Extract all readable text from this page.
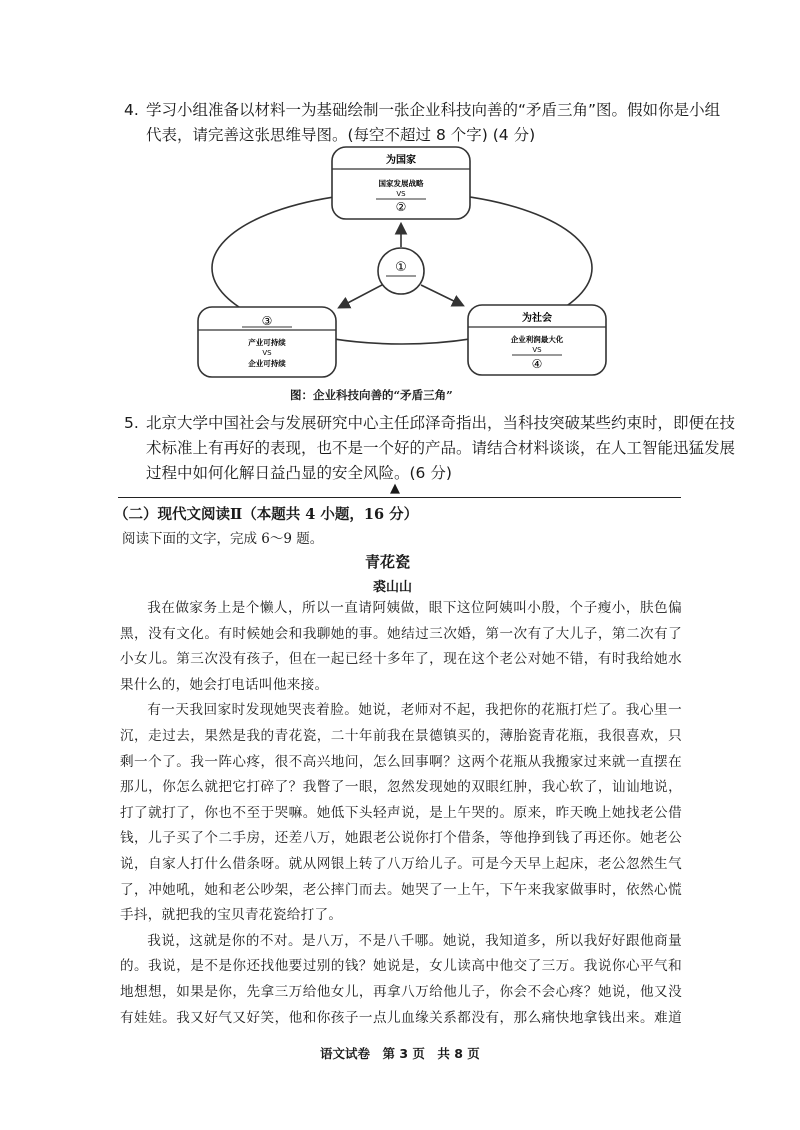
4. 学习小组准备以材料一为基础绘制一张企业科技向善的“矛盾三角”图。假如你是小组
代表，请完善这张思维导图。(每空不超过 8 个字) (4 分)
为国家
国家发展战略
VS
②
①
③
产业可持续
VS
企业可持续
为社会
企业利润最大化
VS
④
图：企业科技向善的“矛盾三角”
5. 北京大学中国社会与发展研究中心主任邱泽奇指出，当科技突破某些约束时，即便在技
术标准上有再好的表现，也不是一个好的产品。请结合材料谈谈，在人工智能迅猛发展
过程中如何化解日益凸显的安全风险。(6 分)
▲
（二）现代文阅读Ⅱ（本题共 4 小题，16 分）
阅读下面的文字，完成 6～9 题。
青花瓷
裘山山

我在做家务上是个懒人，所以一直请阿姨做，眼下这位阿姨叫小殷，个子瘦小，肤色偏黑，没有文化。有时候她会和我聊她的事。她结过三次婚，第一次有了大儿子，第二次有了小女儿。第三次没有孩子，但在一起已经十多年了，现在这个老公对她不错，有时我给她水果什么的，她会打电话叫他来接。

有一天我回家时发现她哭丧着脸。她说，老师对不起，我把你的花瓶打烂了。我心里一沉，走过去，果然是我的青花瓷，二十年前我在景德镇买的，薄胎瓷青花瓶，我很喜欢，只剩一个了。我一阵心疼，很不高兴地问，怎么回事啊？这两个花瓶从我搬家过来就一直摆在那儿，你怎么就把它打碎了？我瞥了一眼，忽然发现她的双眼红肿，我心软了，讪讪地说，打了就打了，你也不至于哭嘛。她低下头轻声说，是上午哭的。原来，昨天晚上她找老公借钱，儿子买了个二手房，还差八万，她跟老公说你打个借条，等他挣到钱了再还你。她老公说，自家人打什么借条呀。就从网银上转了八万给儿子。可是今天早上起床，老公忽然生气了，冲她吼，她和老公吵架，老公摔门而去。她哭了一上午，下午来我家做事时，依然心慌手抖，就把我的宝贝青花瓷给打了。

我说，这就是你的不对。是八万，不是八千哪。她说，我知道多，所以我好好跟他商量的。我说，是不是你还找他要过别的钱？她说是，女儿读高中他交了三万。我说你心平气和地想想，如果是你，先拿三万给他女儿，再拿八万给他儿子，你会不会心疼？她说，他又没有娃娃。我又好气又好笑，他和你孩子一点儿血缘关系都没有，那么痛快地拿钱出来。难道

语文试卷　第 3 页　共 8 页
